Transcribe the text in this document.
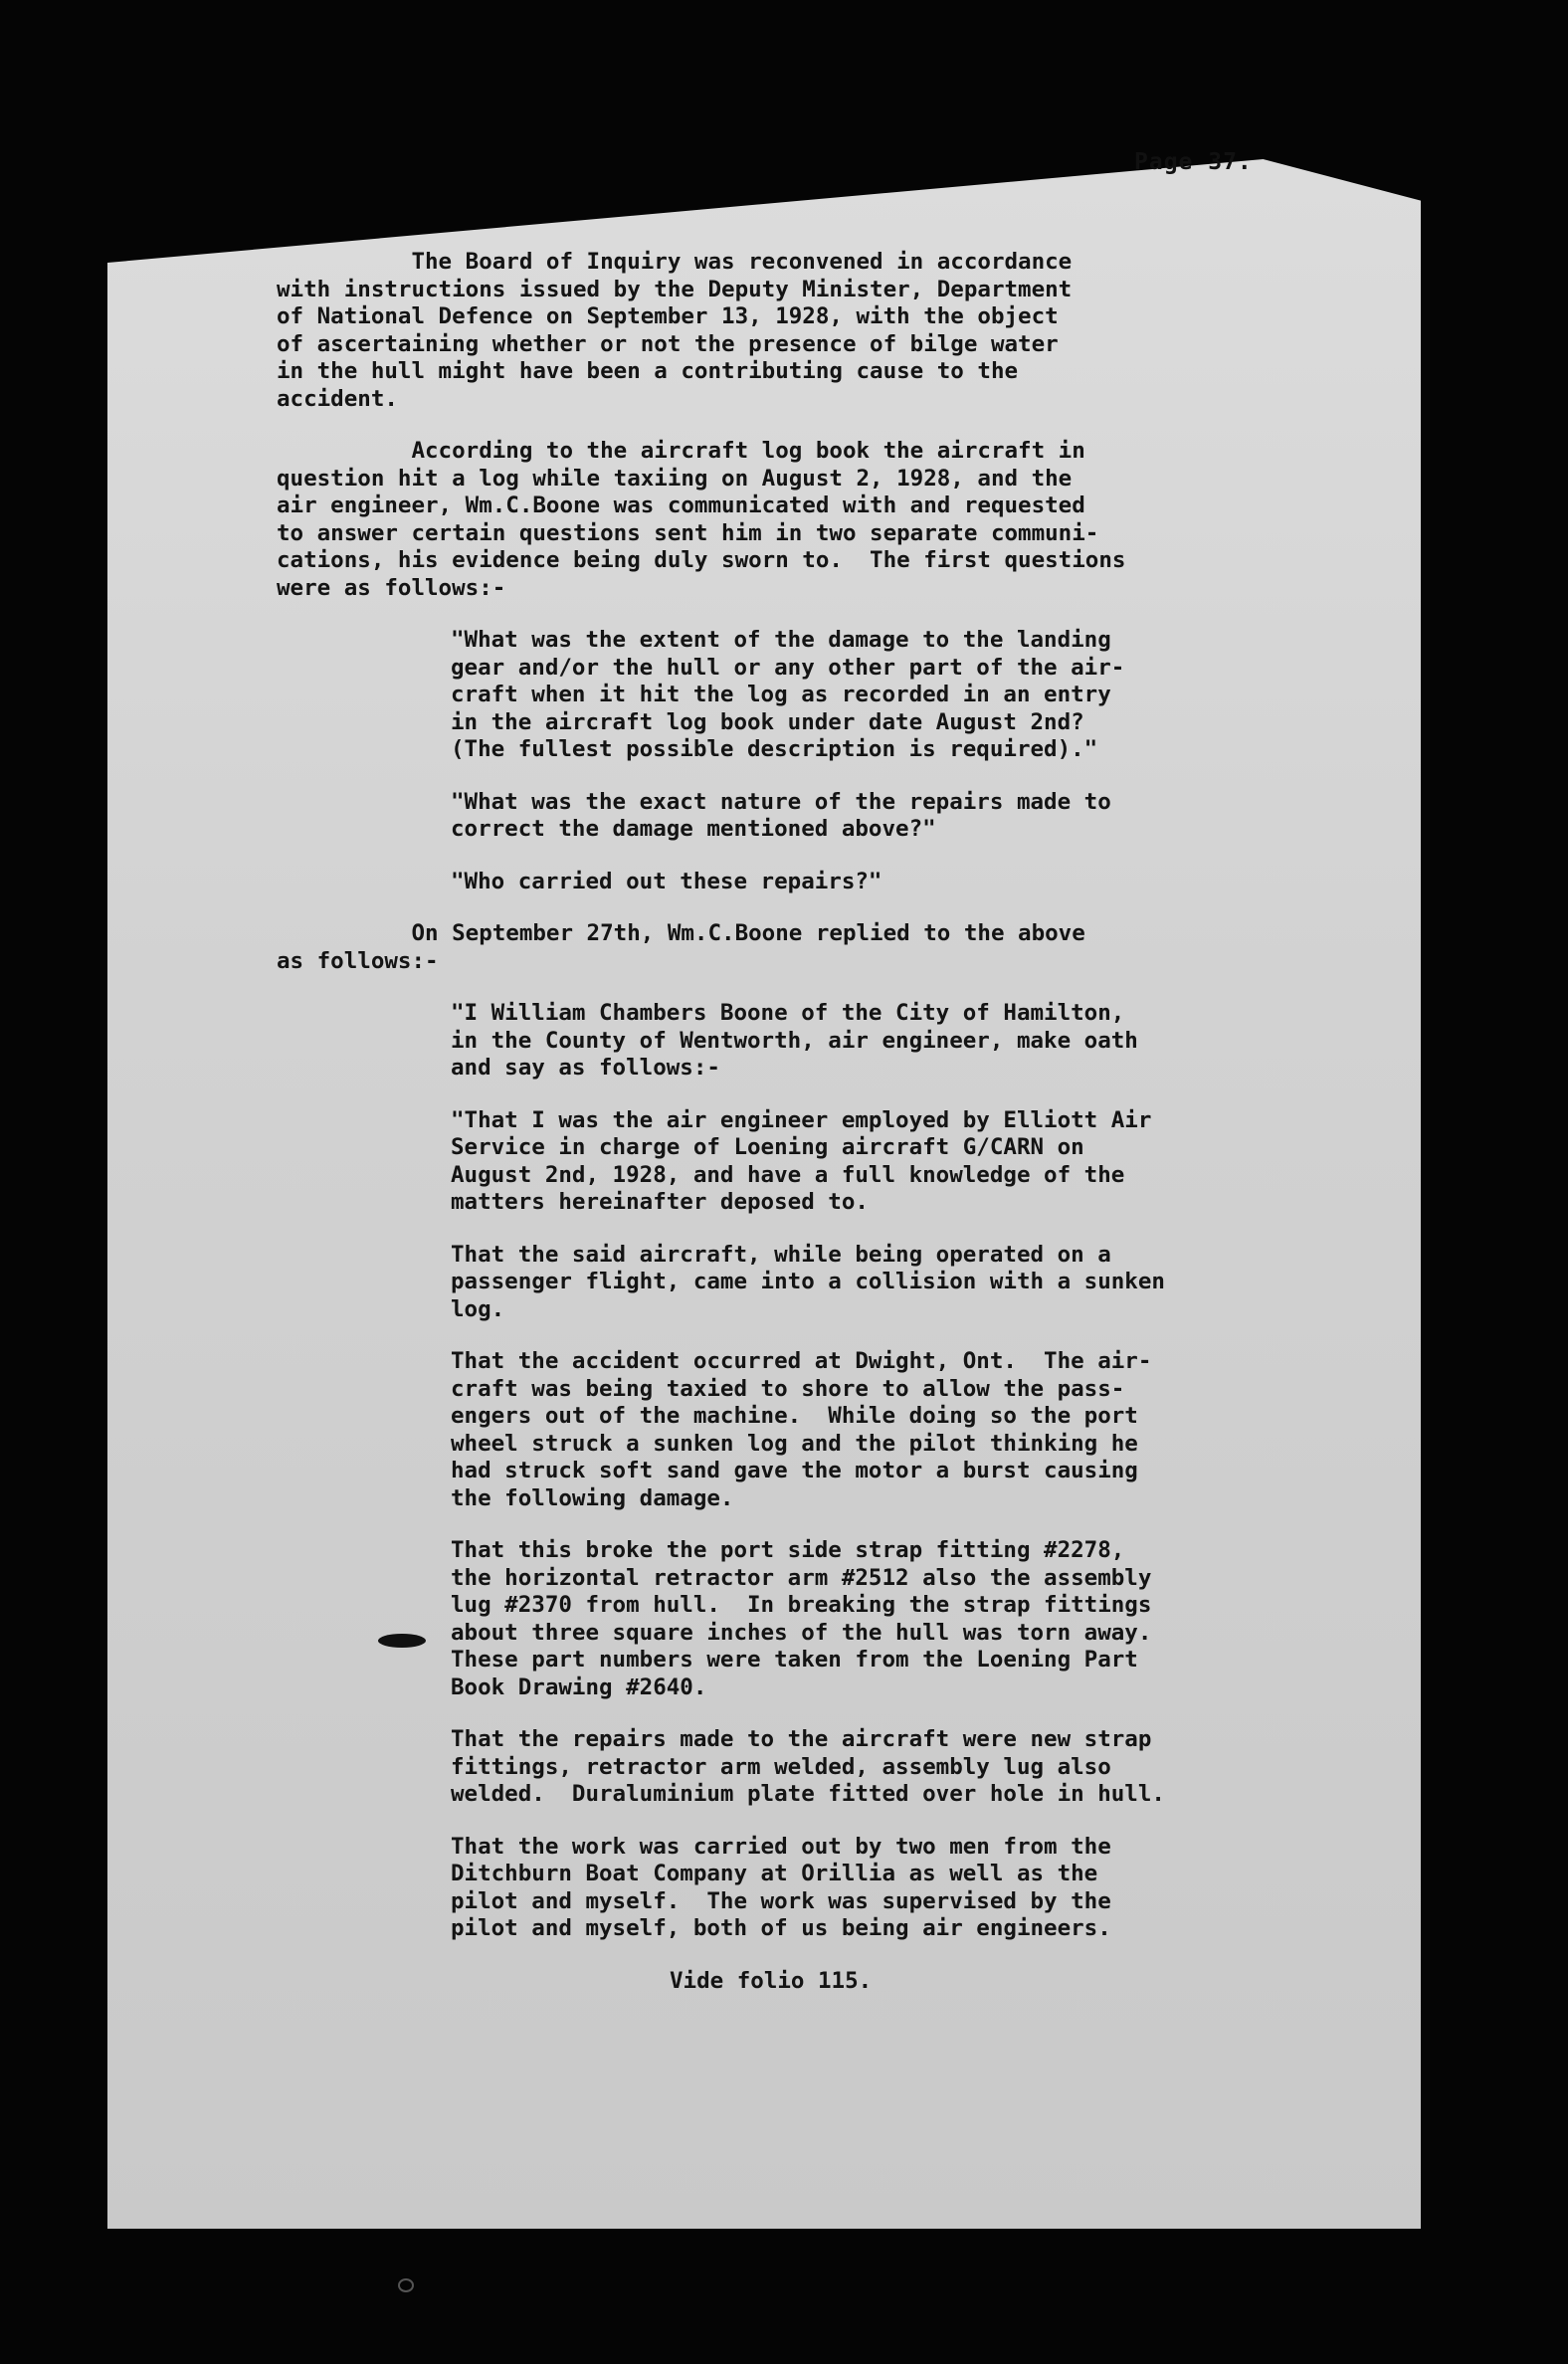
Page 37.
The Board of Inquiry was reconvened in accordance
with instructions issued by the Deputy Minister, Department
of National Defence on September 13, 1928, with the object
of ascertaining whether or not the presence of bilge water
in the hull might have been a contributing cause to the
accident.
According to the aircraft log book the aircraft in
question hit a log while taxiing on August 2, 1928, and the
air engineer, Wm.C.Boone was communicated with and requested
to answer certain questions sent him in two separate communi-
cations, his evidence being duly sworn to.  The first questions
were as follows:-
"What was the extent of the damage to the landing
gear and/or the hull or any other part of the air-
craft when it hit the log as recorded in an entry
in the aircraft log book under date August 2nd?
(The fullest possible description is required)."
"What was the exact nature of the repairs made to
correct the damage mentioned above?"
"Who carried out these repairs?"
On September 27th, Wm.C.Boone replied to the above
as follows:-
"I William Chambers Boone of the City of Hamilton,
in the County of Wentworth, air engineer, make oath
and say as follows:-
"That I was the air engineer employed by Elliott Air
Service in charge of Loening aircraft G/CARN on
August 2nd, 1928, and have a full knowledge of the
matters hereinafter deposed to.
That the said aircraft, while being operated on a
passenger flight, came into a collision with a sunken
log.
That the accident occurred at Dwight, Ont.  The air-
craft was being taxied to shore to allow the pass-
engers out of the machine.  While doing so the port
wheel struck a sunken log and the pilot thinking he
had struck soft sand gave the motor a burst causing
the following damage.
That this broke the port side strap fitting #2278,
the horizontal retractor arm #2512 also the assembly
lug #2370 from hull.  In breaking the strap fittings
about three square inches of the hull was torn away.
These part numbers were taken from the Loening Part
Book Drawing #2640.
That the repairs made to the aircraft were new strap
fittings, retractor arm welded, assembly lug also
welded.  Duraluminium plate fitted over hole in hull.
That the work was carried out by two men from the
Ditchburn Boat Company at Orillia as well as the
pilot and myself.  The work was supervised by the
pilot and myself, both of us being air engineers.
Vide folio 115.
